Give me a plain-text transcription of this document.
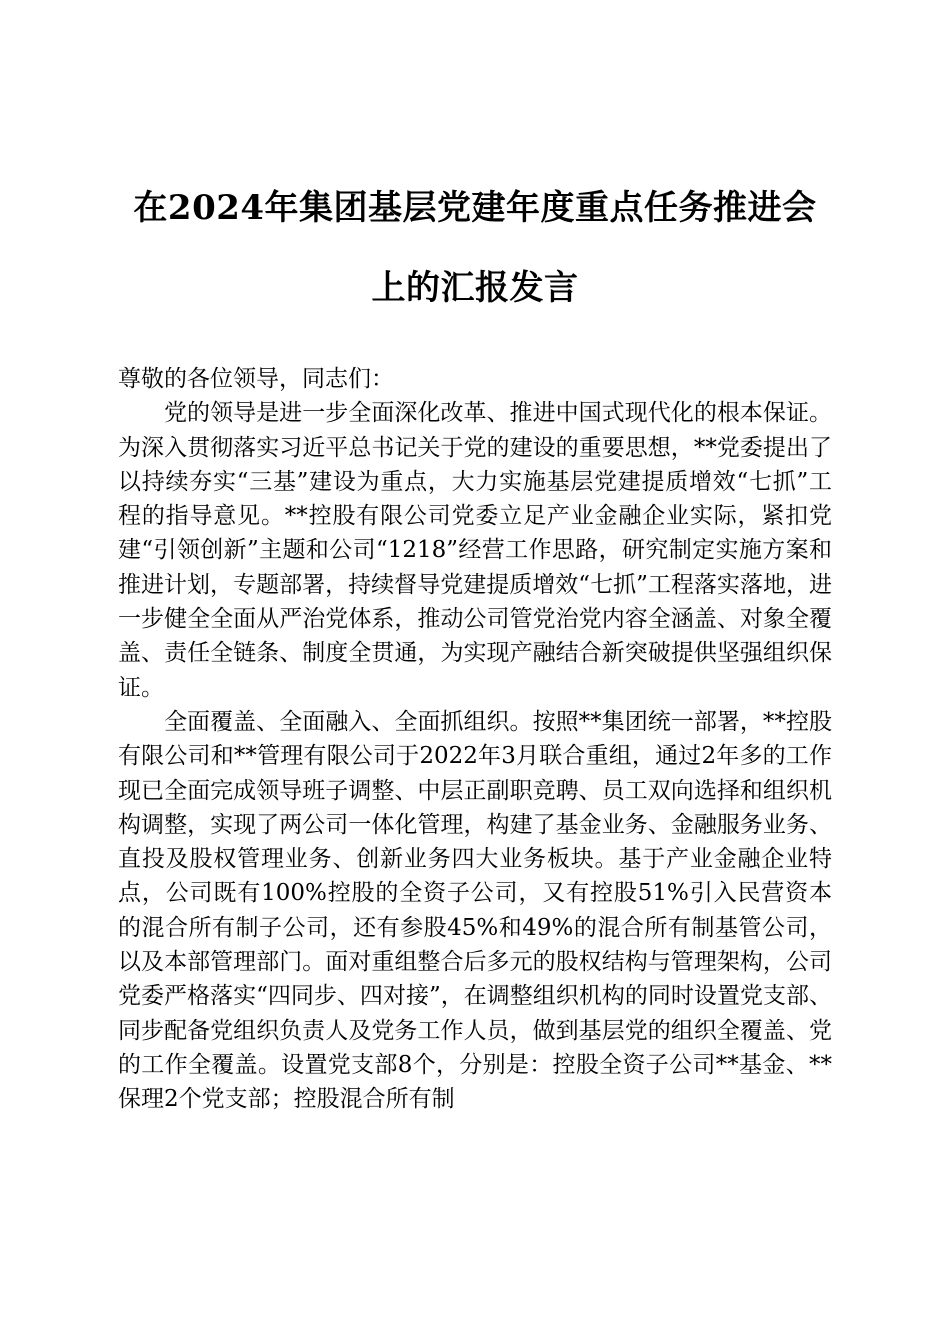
在2024年集团基层党建年度重点任务推进会
上的汇报发言

尊敬的各位领导，同志们：

党的领导是进一步全面深化改革、推进中国式现代化的根本保证。为深入贯彻落实习近平总书记关于党的建设的重要思想，**党委提出了以持续夯实“三基”建设为重点，大力实施基层党建提质增效“七抓”工程的指导意见。**控股有限公司党委立足产业金融企业实际，紧扣党建“引领创新”主题和公司“1218”经营工作思路，研究制定实施方案和推进计划，专题部署，持续督导党建提质增效“七抓”工程落实落地，进一步健全全面从严治党体系，推动公司管党治党内容全涵盖、对象全覆盖、责任全链条、制度全贯通，为实现产融结合新突破提供坚强组织保证。

全面覆盖、全面融入、全面抓组织。按照**集团统一部署，**控股有限公司和**管理有限公司于2022年3月联合重组，通过2年多的工作现已全面完成领导班子调整、中层正副职竞聘、员工双向选择和组织机构调整，实现了两公司一体化管理，构建了基金业务、金融服务业务、直投及股权管理业务、创新业务四大业务板块。基于产业金融企业特点，公司既有100%控股的全资子公司，又有控股51%引入民营资本的混合所有制子公司，还有参股45%和49%的混合所有制基管公司，以及本部管理部门。面对重组整合后多元的股权结构与管理架构，公司党委严格落实“四同步、四对接”，在调整组织机构的同时设置党支部、同步配备党组织负责人及党务工作人员，做到基层党的组织全覆盖、党的工作全覆盖。设置党支部8个，分别是：控股全资子公司**基金、**保理2个党支部；控股混合所有制
